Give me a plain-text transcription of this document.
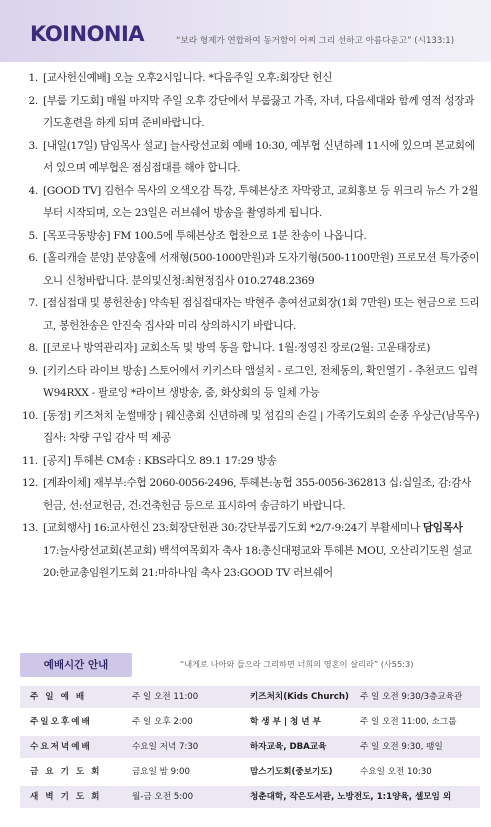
KOINONIA	“보라 형제가 연합하여 동거함이 어찌 그리 선하고 아름다운고” (시133:1)
1. [교사헌신예배] 오늘 오후2시입니다. *다음주일 오후:회장단 헌신
2. [부룹 기도회] 매월 마지막 주일 오후 강단에서 부룹끓고 가족, 자녀, 다음세대와 함께 영적 성장과 기도훈련을 하게 되며 준비바랍니다.
3. [내일(17일) 담임목사 설교] 늘사랑선교회 예배 10:30, 예부협 신년하례 11시에 있으며 본교회에서 있으며 예부협은 점심접대를 해야 합니다.
4. [GOOD TV] 김헌수 목사의 오색오감 특강, 투헤븐상조 자막광고, 교회홍보 등 위크리 뉴스 가 2월부터 시작되며, 오는 23일은 러브쉐어 방송을 촬영하게 됩니다.
5. [목포극동방송] FM 100.5에 투헤븐상조 협찬으로 1분 찬송이 나옵니다.
6. [홀리캐슬 분양] 분양홀에 서재형(500-1000만원)과 도자기형(500-1100만원) 프로모션 특가중이오니 신청바랍니다. 분의및신청:최현정집사 010.2748.2369
7. [점심접대 및 봉헌찬송] 약속된 점심접대자는 박현주 총여선교회장(1회 7만원) 또는 현금으로 드리고, 봉헌찬송은 안진숙 집사와 미리 상의하시기 바랍니다.
8. [[코로나 방역관리자] 교회소독 및 방역 동을 합니다. 1월:정영진 장로(2월: 고운태장로)
9. [키키스타 라이브 방송] 스토어에서 키키스타 앱설치 - 로그인, 전체동의, 확인열기 - 추천코드 입력 W94RXX - 팔로잉 *라이브 생방송, 줌, 화상회의 등 일체 가능
10. [동정] 키즈처치 눈썰매장 | 웨신총회 신년하례 및 섬김의 손길 | 가족기도회의 순종 우상근(남목우)집사: 차량 구입 감사 떡 제공
11. [공지] 투헤븐 CM송 : KBS라디오 89.1 17:29 방송
12. [계좌이체] 재부부:수협 2060-0056-2496, 투헤븐:농협 355-0056-362813 십:십일조, 감:감사헌금, 선:선교헌금, 건:건축헌금 등으로 표시하여 송금하기 바랍니다.
13. [교회행사] 16:교사헌신 23:회장단헌관 30:강단부룹기도회 *2/7-9:24기 부활세미나 담임목사 17:늘사랑선교회(본교회) 백석여목회자 축사 18:총신대평교와 투헤븐 MOU, 오산리기도원 설교 20:한교총임원기도회 21:마하나임 축사 23:GOOD TV 러브쉐어
예배시간 안내	“내게로 나아와 들으라 그리하면 너희의 영혼이 살리라” (사55:3)
주 일 예 배	주 일 오전 11:00	키즈처치(Kids Church) 주 일 오전 9:30/3층교육관
주일오후예배	주 일 오후 2:00	학 생 부 | 청 년 부	주 일 오전 11:00, 소그룹
수요저녁예배	수요일 저녁 7:30	하자교육, DBA교육	주 일 오전 9:30, 팽일
금 요 기 도 회	금요일 밤 9:00	맘스기도회(중보기도)	수요일 오전 10:30
새 벽 기 도 회	월-금 오전 5:00	청춘대학, 작은도서관, 노방전도, 1:1양육, 셀모임 외
